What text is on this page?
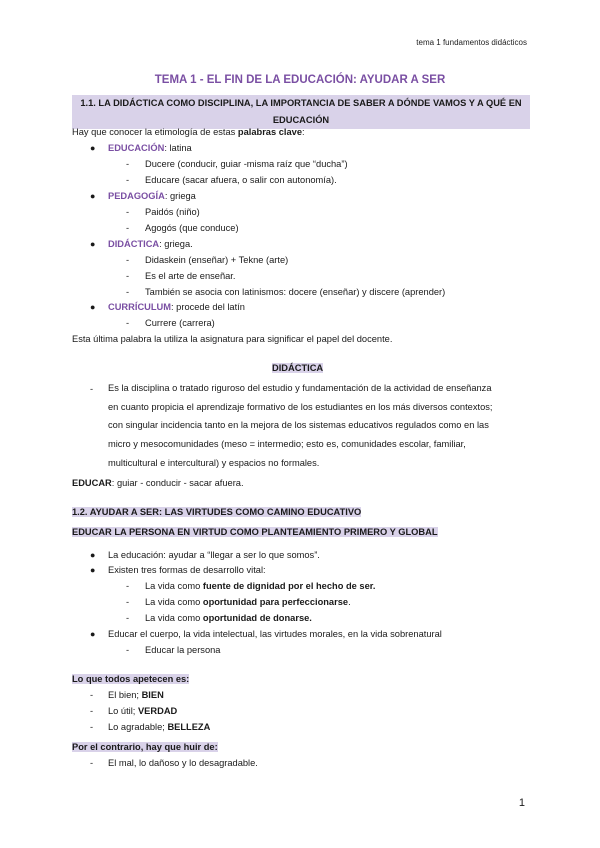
tema 1 fundamentos didácticos
TEMA 1 - EL FIN DE LA EDUCACIÓN: AYUDAR A SER
1.1. LA DIDÁCTICA COMO DISCIPLINA, LA IMPORTANCIA DE SABER A DÓNDE VAMOS Y A QUÉ EN EDUCACIÓN
Hay que conocer la etimología de estas palabras clave:
● EDUCACIÓN: latina
- Ducere (conducir, guiar -misma raíz que “ducha”)
- Educare (sacar afuera, o salir con autonomía).
● PEDAGOGÍA: griega
- Paidós (niño)
- Agogós (que conduce)
● DIDÁCTICA: griega.
- Didaskein (enseñar) + Tekne (arte)
- Es el arte de enseñar.
- También se asocia con latinismos: docere (enseñar) y discere (aprender)
● CURRÍCULUM: procede del latín
- Currere (carrera)
Esta última palabra la utiliza la asignatura para significar el papel del docente.
DIDÁCTICA
- Es la disciplina o tratado riguroso del estudio y fundamentación de la actividad de enseñanza
en cuanto propicia el aprendizaje formativo de los estudiantes en los más diversos contextos;
con singular incidencia tanto en la mejora de los sistemas educativos regulados como en las
micro y mesocomunidades (meso = intermedio; esto es, comunidades escolar, familiar,
multicultural e intercultural) y espacios no formales.
EDUCAR: guiar - conducir - sacar afuera.
1.2. AYUDAR A SER: LAS VIRTUDES COMO CAMINO EDUCATIVO
EDUCAR LA PERSONA EN VIRTUD COMO PLANTEAMIENTO PRIMERO Y GLOBAL
● La educación: ayudar a “llegar a ser lo que somos”.
● Existen tres formas de desarrollo vital:
- La vida como fuente de dignidad por el hecho de ser.
- La vida como oportunidad para perfeccionarse.
- La vida como oportunidad de donarse.
● Educar el cuerpo, la vida intelectual, las virtudes morales, en la vida sobrenatural
- Educar la persona
Lo que todos apetecen es:
- El bien; BIEN
- Lo útil; VERDAD
- Lo agradable; BELLEZA
Por el contrario, hay que huir de:
- El mal, lo dañoso y lo desagradable.
1
